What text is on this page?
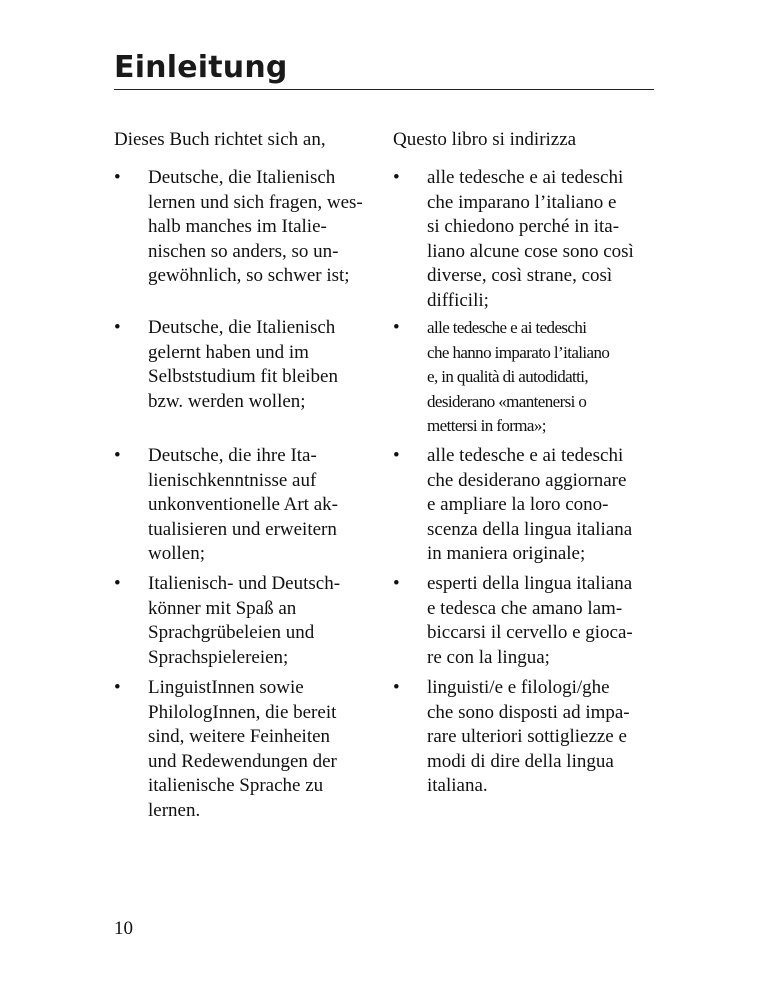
Einleitung
Dieses Buch richtet sich an,
•	Deutsche, die Italienisch
lernen und sich fragen, wes-
halb manches im Italie-
nischen so anders, so un-
gewöhnlich, so schwer ist;
•	Deutsche, die Italienisch
gelernt haben und im
Selbststudium fit bleiben
bzw. werden wollen;
•	Deutsche, die ihre Ita-
lienischkenntnisse auf
unkonventionelle Art ak-
tualisieren und erweitern
wollen;
•	Italienisch- und Deutsch-
könner mit Spaß an
Sprachgrübeleien und
Sprachspielereien;
•	LinguistInnen sowie
PhilologInnen, die bereit
sind, weitere Feinheiten
und Redewendungen der
italienische Sprache zu
lernen.
Questo libro si indirizza
•	alle tedesche e ai tedeschi
che imparano l’italiano e
si chiedono perché in ita-
liano alcune cose sono così
diverse, così strane, così
difficili;
•	alle tedesche e ai tedeschi
che hanno imparato l’italiano
e, in qualità di autodidatti,
desiderano «mantenersi o
mettersi in forma»;
•	alle tedesche e ai tedeschi
che desiderano aggiornare
e ampliare la loro cono-
scenza della lingua italiana
in maniera originale;
•	esperti della lingua italiana
e tedesca che amano lam-
biccarsi il cervello e gioca-
re con la lingua;
•	linguisti/e e filologi/ghe
che sono disposti ad impa-
rare ulteriori sottigliezze e
modi di dire della lingua
italiana.
10
